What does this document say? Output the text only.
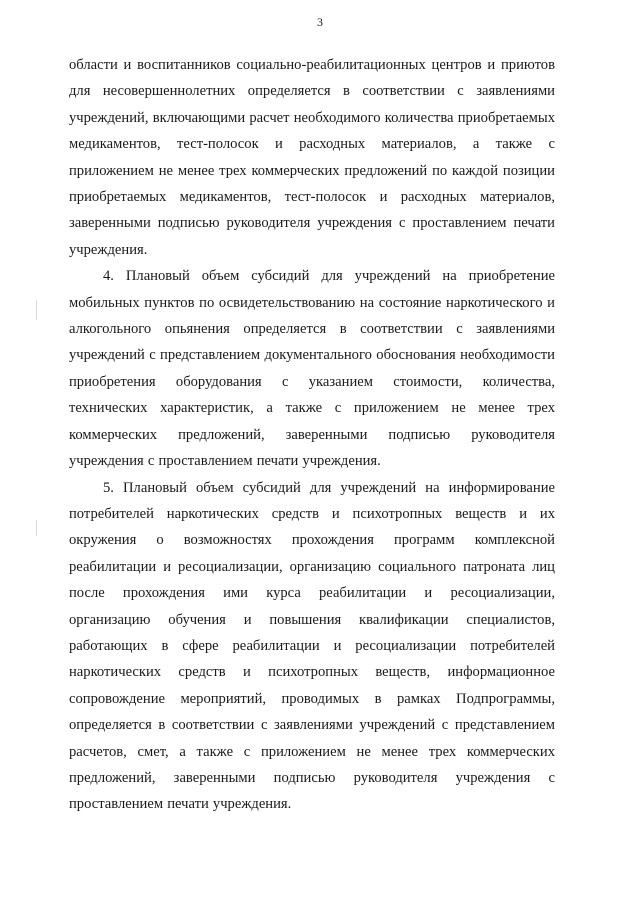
3

области и воспитанников социально-реабилитационных центров и приютов для несовершеннолетних определяется в соответствии с заявлениями учреждений, включающими расчет необходимого количества приобретаемых медикаментов, тест-полосок и расходных материалов, а также с приложением не менее трех коммерческих предложений по каждой позиции приобретаемых медикаментов, тест-полосок и расходных материалов, заверенными подписью руководителя учреждения с проставлением печати учреждения.

4. Плановый объем субсидий для учреждений на приобретение мобильных пунктов по освидетельствованию на состояние наркотического и алкогольного опьянения определяется в соответствии с заявлениями учреждений с представлением документального обоснования необходимости приобретения оборудования с указанием стоимости, количества, технических характеристик, а также с приложением не менее трех коммерческих предложений, заверенными подписью руководителя учреждения с проставлением печати учреждения.

5. Плановый объем субсидий для учреждений на информирование потребителей наркотических средств и психотропных веществ и их окружения о возможностях прохождения программ комплексной реабилитации и ресоциализации, организацию социального патроната лиц после прохождения ими курса реабилитации и ресоциализации, организацию обучения и повышения квалификации специалистов, работающих в сфере реабилитации и ресоциализации потребителей наркотических средств и психотропных веществ, информационное сопровождение мероприятий, проводимых в рамках Подпрограммы, определяется в соответствии с заявлениями учреждений с представлением расчетов, смет, а также с приложением не менее трех коммерческих предложений, заверенными подписью руководителя учреждения с проставлением печати учреждения.
